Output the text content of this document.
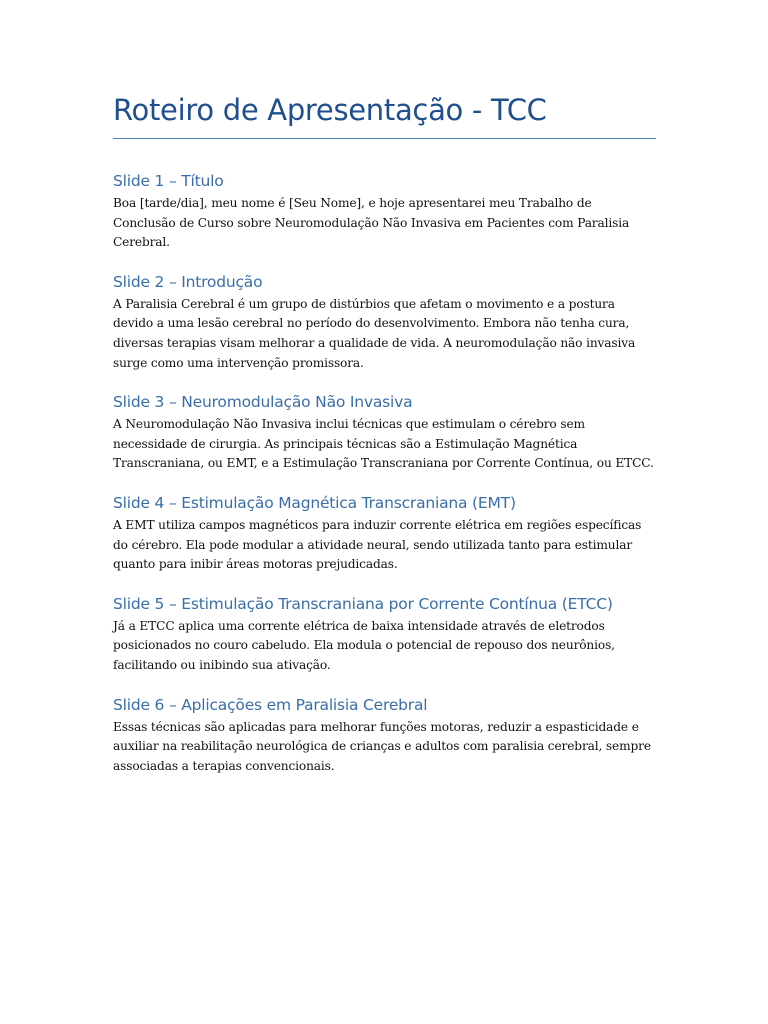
Roteiro de Apresentação - TCC
Slide 1 – Título

Boa [tarde/dia], meu nome é [Seu Nome], e hoje apresentarei meu Trabalho de Conclusão de Curso sobre Neuromodulação Não Invasiva em Pacientes com Paralisia Cerebral.

Slide 2 – Introdução

A Paralisia Cerebral é um grupo de distúrbios que afetam o movimento e a postura devido a uma lesão cerebral no período do desenvolvimento. Embora não tenha cura, diversas terapias visam melhorar a qualidade de vida. A neuromodulação não invasiva surge como uma intervenção promissora.

Slide 3 – Neuromodulação Não Invasiva

A Neuromodulação Não Invasiva inclui técnicas que estimulam o cérebro sem necessidade de cirurgia. As principais técnicas são a Estimulação Magnética Transcraniana, ou EMT, e a Estimulação Transcraniana por Corrente Contínua, ou ETCC.

Slide 4 – Estimulação Magnética Transcraniana (EMT)

A EMT utiliza campos magnéticos para induzir corrente elétrica em regiões específicas do cérebro. Ela pode modular a atividade neural, sendo utilizada tanto para estimular quanto para inibir áreas motoras prejudicadas.

Slide 5 – Estimulação Transcraniana por Corrente Contínua (ETCC)

Já a ETCC aplica uma corrente elétrica de baixa intensidade através de eletrodos posicionados no couro cabeludo. Ela modula o potencial de repouso dos neurônios, facilitando ou inibindo sua ativação.

Slide 6 – Aplicações em Paralisia Cerebral

Essas técnicas são aplicadas para melhorar funções motoras, reduzir a espasticidade e auxiliar na reabilitação neurológica de crianças e adultos com paralisia cerebral, sempre associadas a terapias convencionais.
